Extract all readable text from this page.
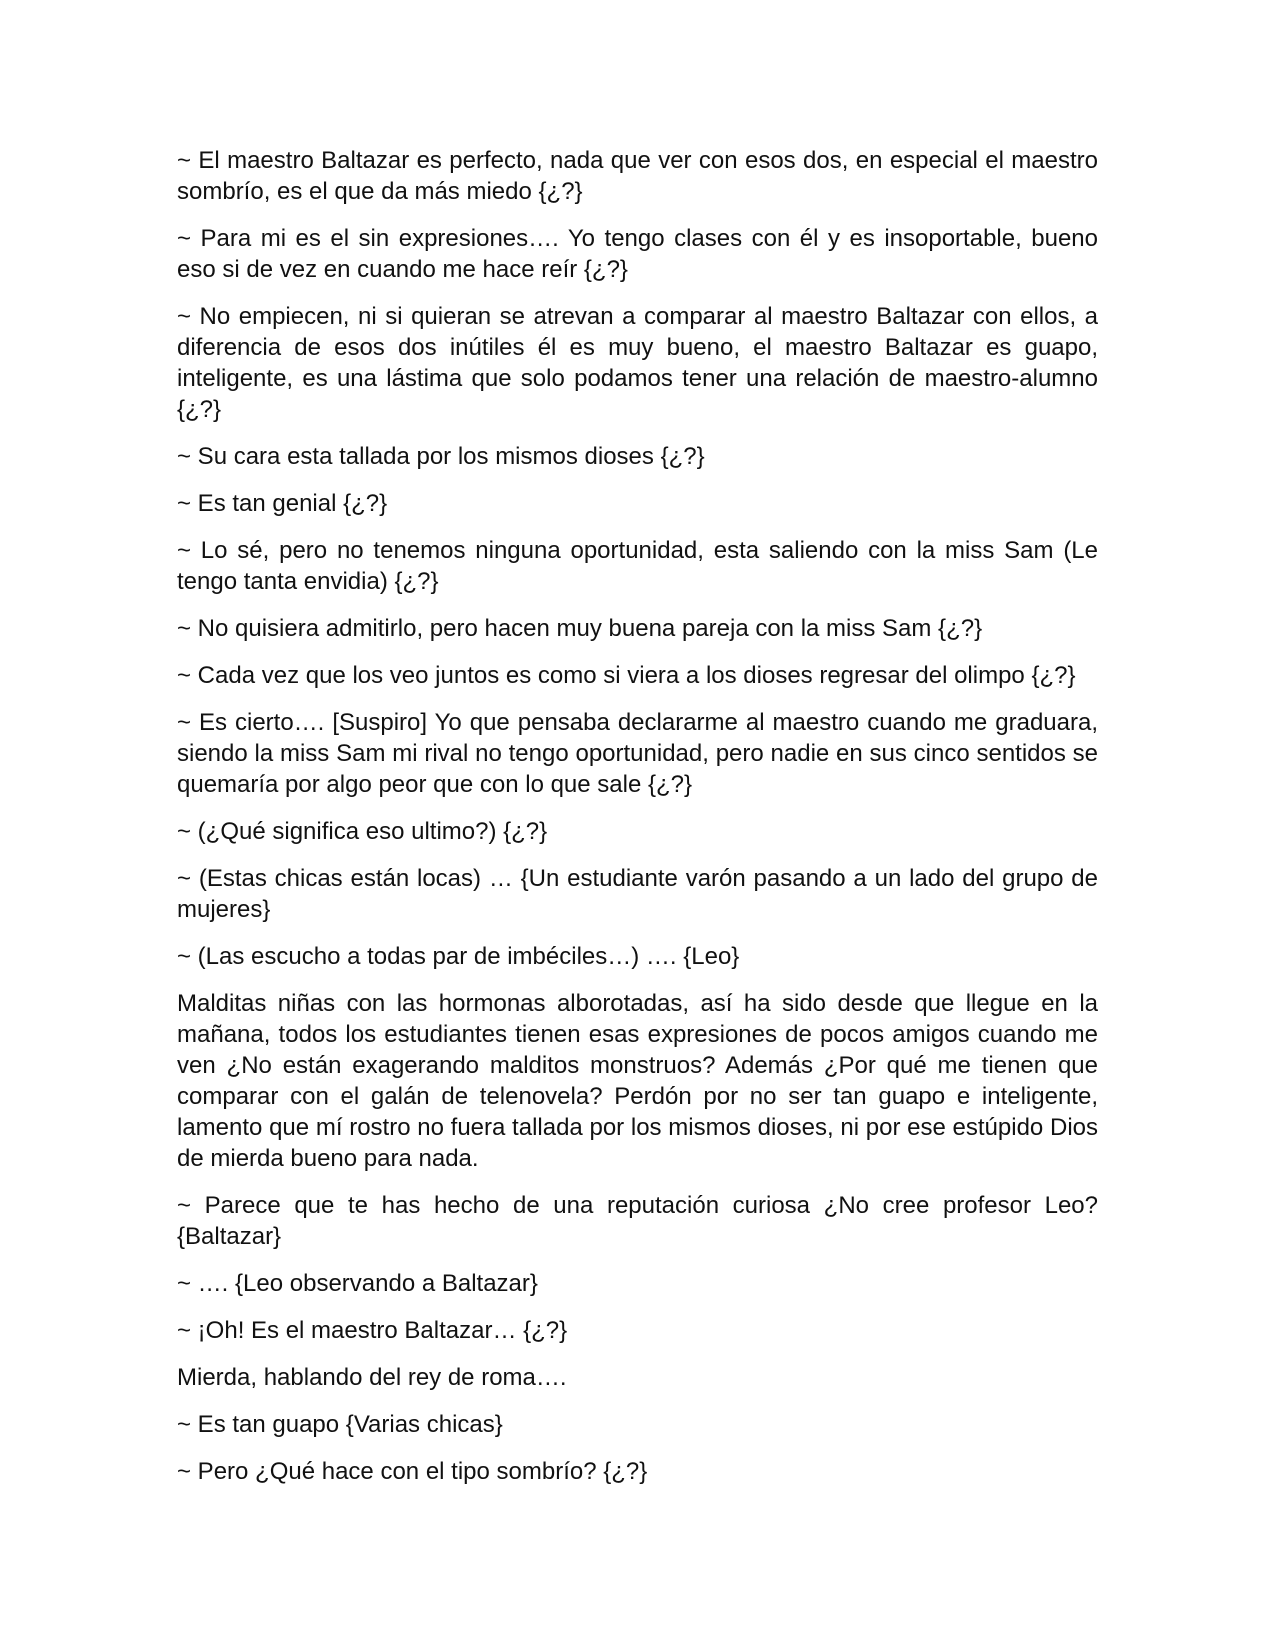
~ El maestro Baltazar es perfecto, nada que ver con esos dos, en especial el maestro sombrío, es el que da más miedo {¿?}

~ Para mi es el sin expresiones…. Yo tengo clases con él y es insoportable, bueno eso si de vez en cuando me hace reír {¿?}

~ No empiecen, ni si quieran se atrevan a comparar al maestro Baltazar con ellos, a diferencia de esos dos inútiles él es muy bueno, el maestro Baltazar es guapo, inteligente, es una lástima que solo podamos tener una relación de maestro-alumno {¿?}

~ Su cara esta tallada por los mismos dioses {¿?}

~ Es tan genial {¿?}

~ Lo sé, pero no tenemos ninguna oportunidad, esta saliendo con la miss Sam (Le tengo tanta envidia) {¿?}

~ No quisiera admitirlo, pero hacen muy buena pareja con la miss Sam {¿?}

~ Cada vez que los veo juntos es como si viera a los dioses regresar del olimpo {¿?}

~ Es cierto…. [Suspiro] Yo que pensaba declararme al maestro cuando me graduara, siendo la miss Sam mi rival no tengo oportunidad, pero nadie en sus cinco sentidos se quemaría por algo peor que con lo que sale {¿?}

~ (¿Qué significa eso ultimo?) {¿?}

~ (Estas chicas están locas) … {Un estudiante varón pasando a un lado del grupo de mujeres}

~ (Las escucho a todas par de imbéciles…) …. {Leo}

Malditas niñas con las hormonas alborotadas, así ha sido desde que llegue en la mañana, todos los estudiantes tienen esas expresiones de pocos amigos cuando me ven ¿No están exagerando malditos monstruos? Además ¿Por qué me tienen que comparar con el galán de telenovela? Perdón por no ser tan guapo e inteligente, lamento que mí rostro no fuera tallada por los mismos dioses, ni por ese estúpido Dios de mierda bueno para nada.

~ Parece que te has hecho de una reputación curiosa ¿No cree profesor Leo? {Baltazar}

~ …. {Leo observando a Baltazar}

~ ¡Oh! Es el maestro Baltazar… {¿?}

Mierda, hablando del rey de roma….

~ Es tan guapo {Varias chicas}

~ Pero ¿Qué hace con el tipo sombrío? {¿?}
